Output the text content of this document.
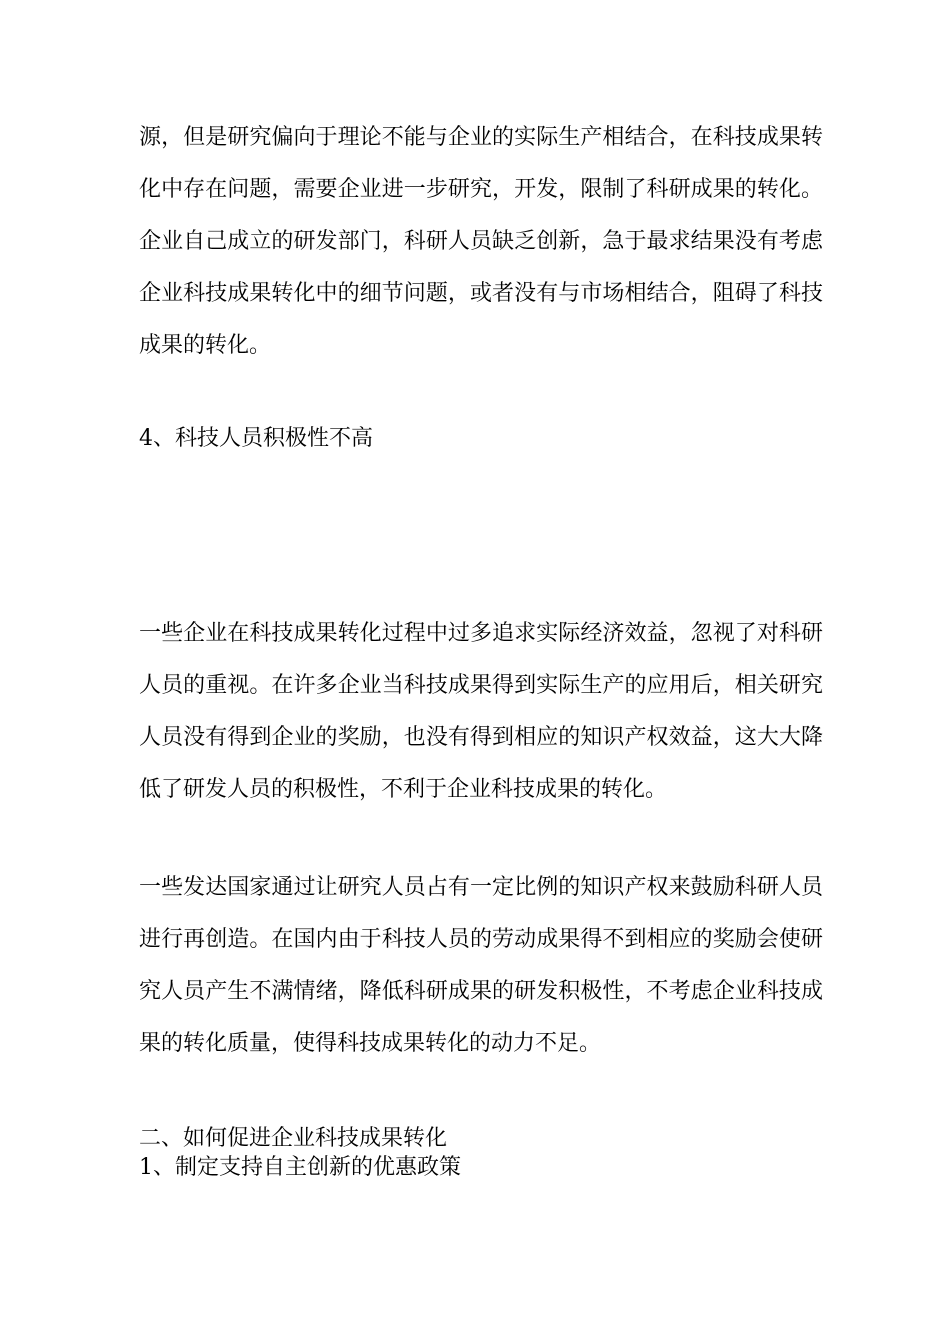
源，但是研究偏向于理论不能与企业的实际生产相结合，在科技成果转化中存在问题，需要企业进一步研究，开发，限制了科研成果的转化。企业自己成立的研发部门，科研人员缺乏创新，急于最求结果没有考虑企业科技成果转化中的细节问题，或者没有与市场相结合，阻碍了科技成果的转化。

4、科技人员积极性不高

一些企业在科技成果转化过程中过多追求实际经济效益，忽视了对科研人员的重视。在许多企业当科技成果得到实际生产的应用后，相关研究人员没有得到企业的奖励，也没有得到相应的知识产权效益，这大大降低了研发人员的积极性，不利于企业科技成果的转化。

一些发达国家通过让研究人员占有一定比例的知识产权来鼓励科研人员进行再创造。在国内由于科技人员的劳动成果得不到相应的奖励会使研究人员产生不满情绪，降低科研成果的研发积极性，不考虑企业科技成果的转化质量，使得科技成果转化的动力不足。

二、如何促进企业科技成果转化

1、制定支持自主创新的优惠政策
